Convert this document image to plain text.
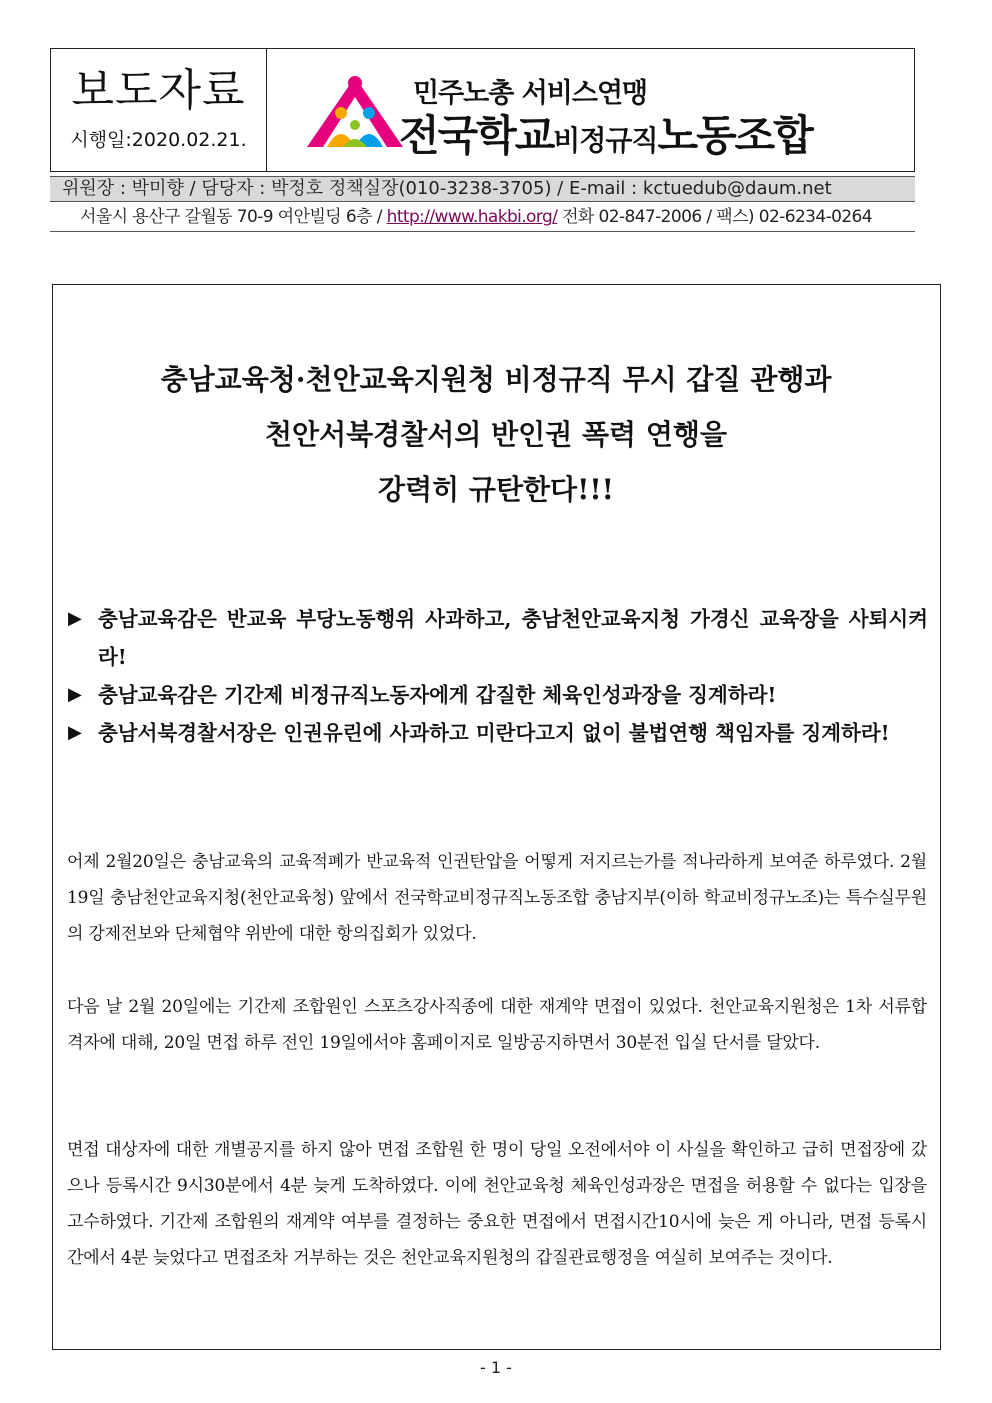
보도자료
시행일:2020.02.21.
민주노총 서비스연맹
전국학교비정규직노동조합
위원장 : 박미향 / 담당자 : 박정호 정책실장(010-3238-3705) / E-mail : kctuedub@daum.net
서울시 용산구 갈월동 70-9 여안빌딩 6층 / http://www.hakbi.org/ 전화 02-847-2006 / 팩스) 02-6234-0264
충남교육청·천안교육지원청 비정규직 무시 갑질 관행과
천안서북경찰서의 반인권 폭력 연행을
강력히 규탄한다!!!
▶ 충남교육감은 반교육 부당노동행위 사과하고, 충남천안교육지청 가경신 교육장을 사퇴시켜라!
▶ 충남교육감은 기간제 비정규직노동자에게 갑질한 체육인성과장을 징계하라!
▶ 충남서북경찰서장은 인권유린에 사과하고 미란다고지 없이 불법연행 책임자를 징계하라!
어제 2월20일은 충남교육의 교육적폐가 반교육적 인권탄압을 어떻게 저지르는가를 적나라하게 보여준 하루였다. 2월19일 충남천안교육지청(천안교육청) 앞에서 전국학교비정규직노동조합 충남지부(이하 학교비정규노조)는 특수실무원의 강제전보와 단체협약 위반에 대한 항의집회가 있었다.
다음 날 2월 20일에는 기간제 조합원인 스포츠강사직종에 대한 재계약 면접이 있었다. 천안교육지원청은 1차 서류합격자에 대해, 20일 면접 하루 전인 19일에서야 홈페이지로 일방공지하면서 30분전 입실 단서를 달았다.
면접 대상자에 대한 개별공지를 하지 않아 면접 조합원 한 명이 당일 오전에서야 이 사실을 확인하고 급히 면접장에 갔으나 등록시간 9시30분에서 4분 늦게 도착하였다. 이에 천안교육청 체육인성과장은 면접을 허용할 수 없다는 입장을 고수하였다. 기간제 조합원의 재계약 여부를 결정하는 중요한 면접에서 면접시간10시에 늦은 게 아니라, 면접 등록시간에서 4분 늦었다고 면접조차 거부하는 것은 천안교육지원청의 갑질관료행정을 여실히 보여주는 것이다.
- 1 -
